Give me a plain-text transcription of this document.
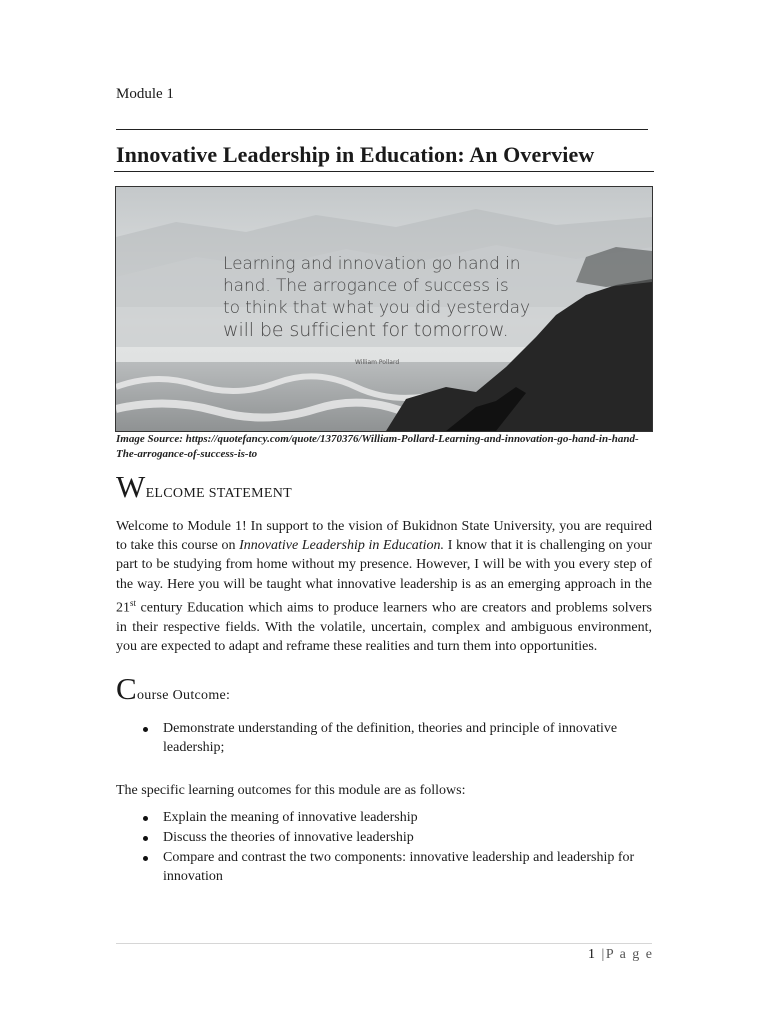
Module 1
Innovative Leadership in Education: An Overview
Learning and innovation go hand in
hand. The arrogance of success is
to think that what you did yesterday
will be sufficient for tomorrow.
William Pollard
Image Source: https://quotefancy.com/quote/1370376/William-Pollard-Learning-and-innovation-go-hand-in-hand-The-arrogance-of-success-is-to
WELCOME STATEMENT
Welcome to Module 1! In support to the vision of Bukidnon State University, you are required to take this course on Innovative Leadership in Education. I know that it is challenging on your part to be studying from home without my presence. However, I will be with you every step of the way. Here you will be taught what innovative leadership is as an emerging approach in the 21st century Education which aims to produce learners who are creators and problems solvers in their respective fields. With the volatile, uncertain, complex and ambiguous environment, you are expected to adapt and reframe these realities and turn them into opportunities.
Course Outcome:
Demonstrate understanding of the definition, theories and principle of innovative leadership;
The specific learning outcomes for this module are as follows:
Explain the meaning of innovative leadership
Discuss the theories of innovative leadership
Compare and contrast the two components: innovative leadership and leadership for innovation
1 |P a g e
